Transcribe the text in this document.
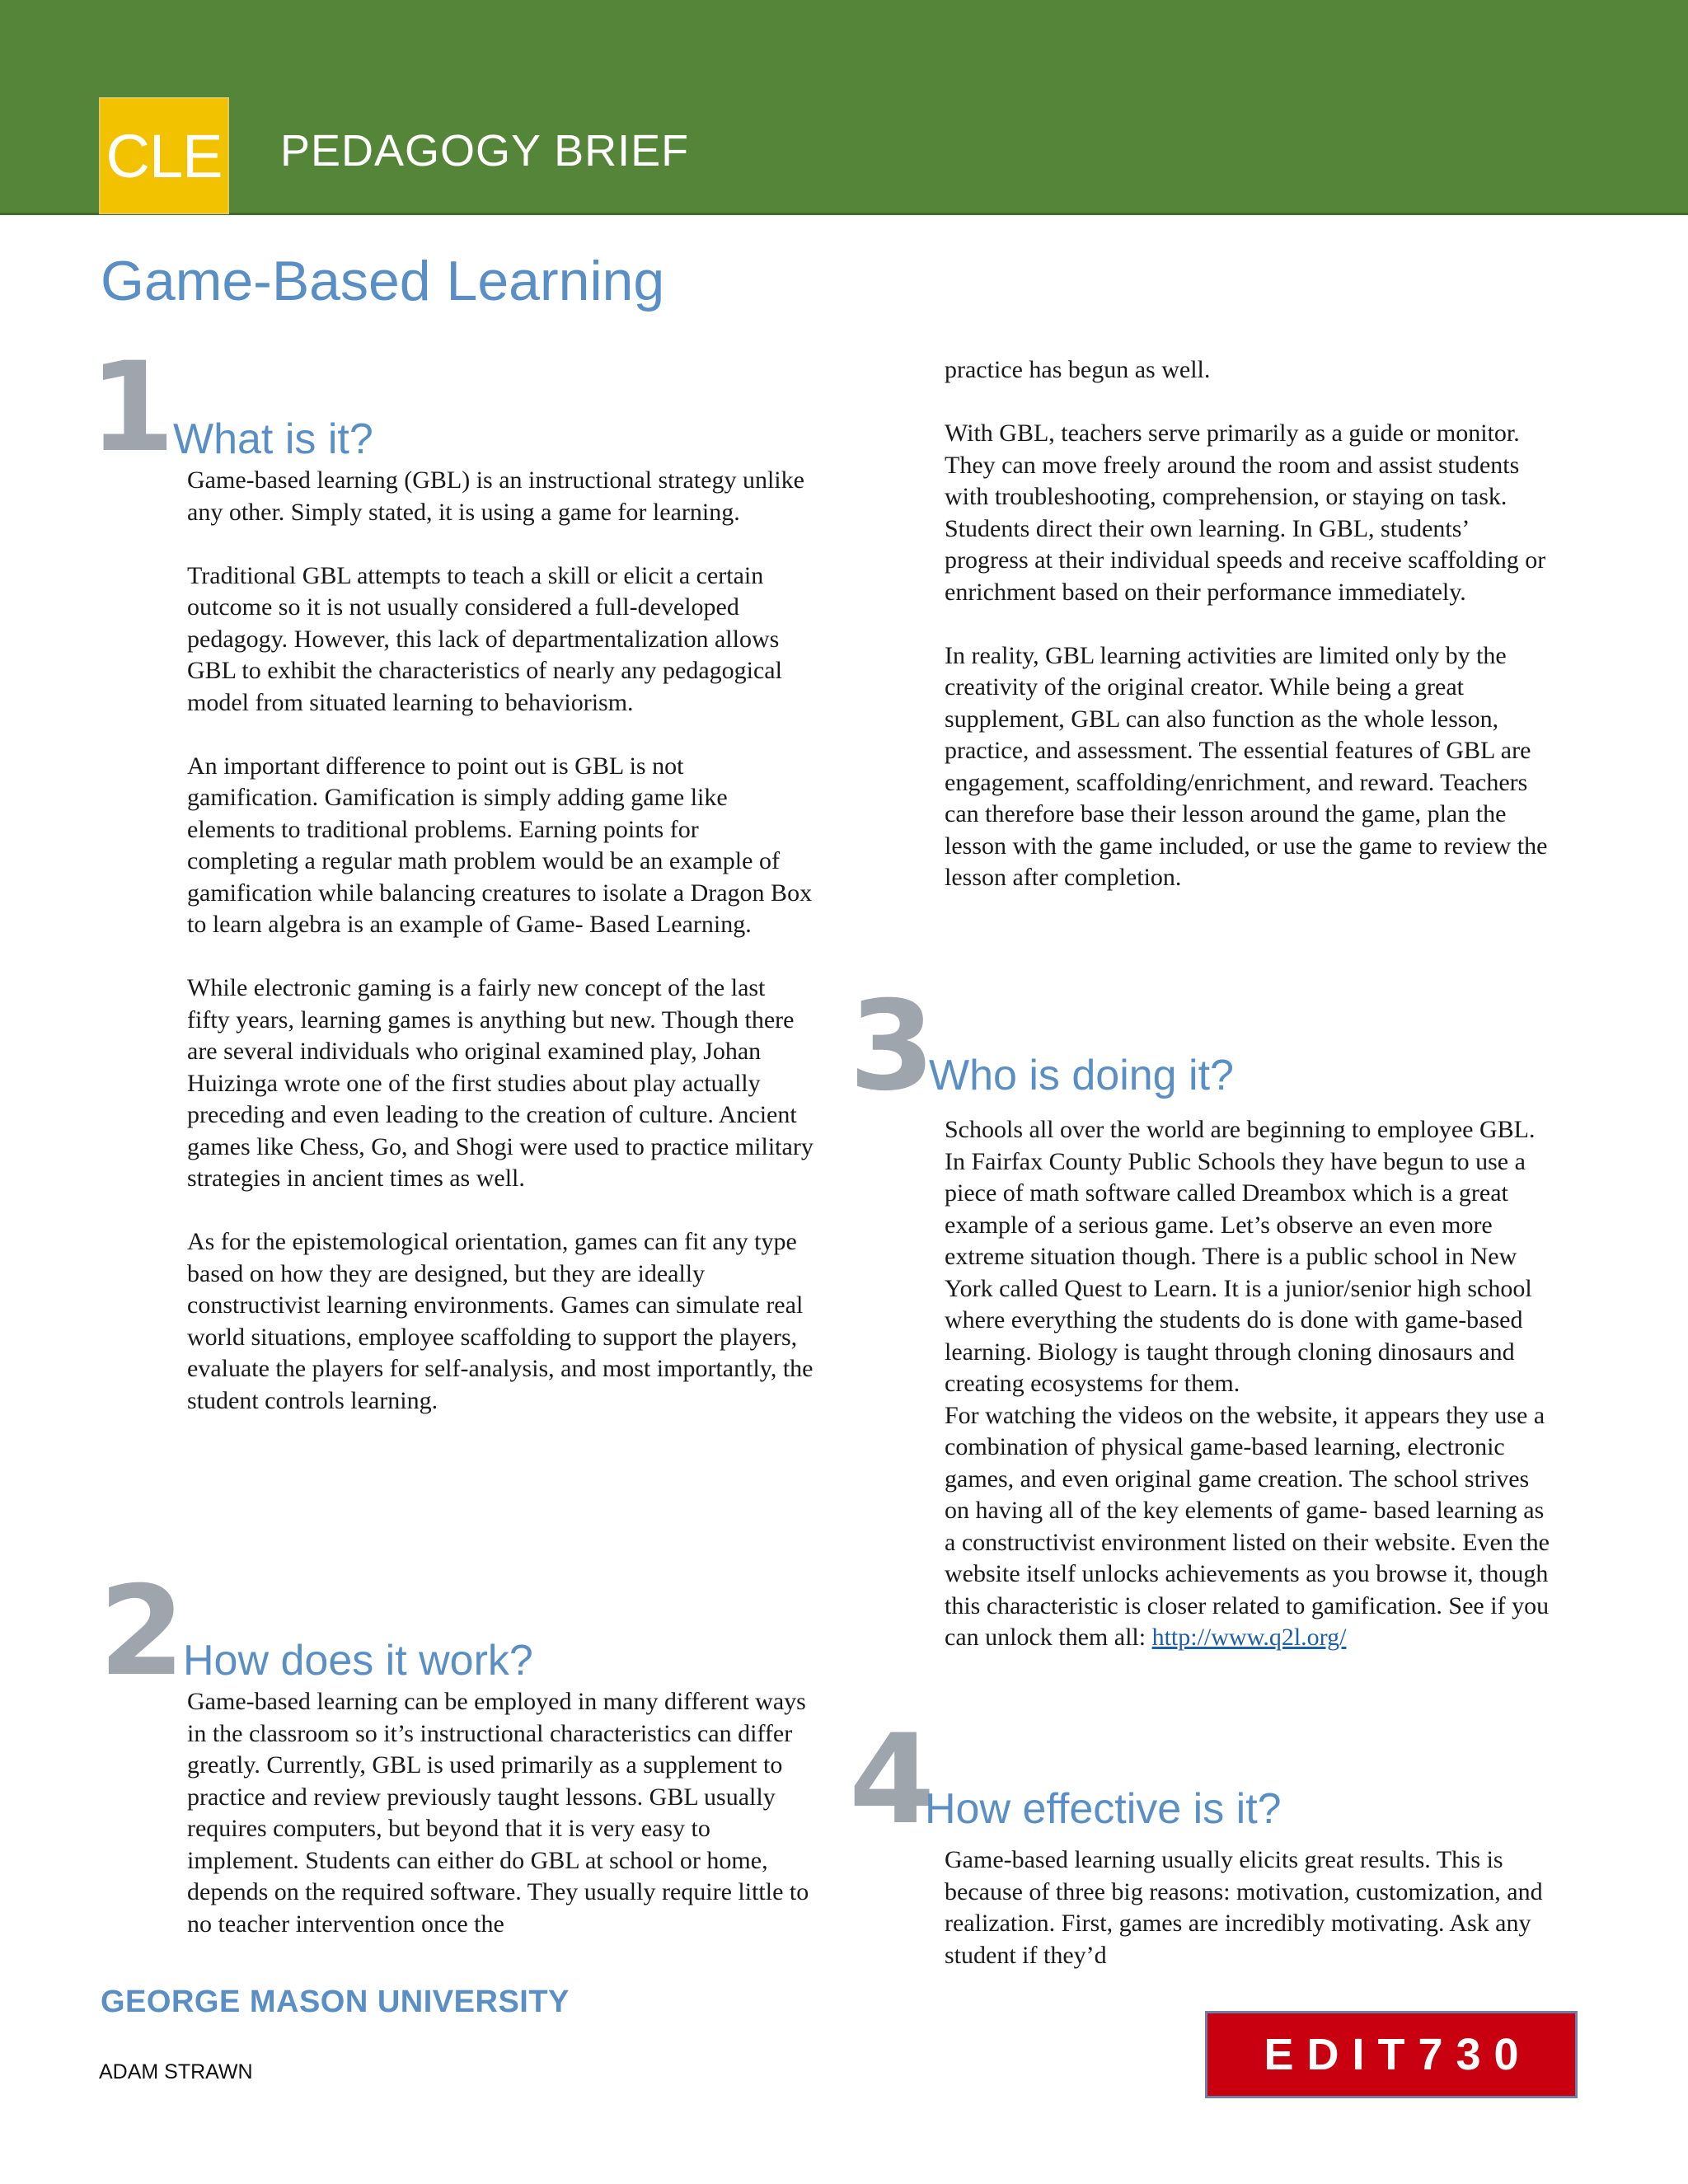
CLE PEDAGOGY BRIEF
Game-Based Learning
1
What is it?

Game-based learning (GBL) is an instructional strategy unlike any other. Simply stated, it is using a game for learning.

Traditional GBL attempts to teach a skill or elicit a certain outcome so it is not usually considered a full-developed pedagogy. However, this lack of departmentalization allows GBL to exhibit the characteristics of nearly any pedagogical model from situated learning to behaviorism.

An important difference to point out is GBL is not gamification. Gamification is simply adding game like elements to traditional problems. Earning points for completing a regular math problem would be an example of gamification while balancing creatures to isolate a Dragon Box to learn algebra is an example of Game- Based Learning.

While electronic gaming is a fairly new concept of the last fifty years, learning games is anything but new. Though there are several individuals who original examined play, Johan Huizinga wrote one of the first studies about play actually preceding and even leading to the creation of culture. Ancient games like Chess, Go, and Shogi were used to practice military strategies in ancient times as well.

As for the epistemological orientation, games can fit any type based on how they are designed, but they are ideally constructivist learning environments. Games can simulate real world situations, employee scaffolding to support the players, evaluate the players for self-analysis, and most importantly, the student controls learning.

2
How does it work?

Game-based learning can be employed in many different ways in the classroom so it’s instructional characteristics can differ greatly. Currently, GBL is used primarily as a supplement to practice and review previously taught lessons. GBL usually requires computers, but beyond that it is very easy to implement. Students can either do GBL at school or home, depends on the required software. They usually require little to no teacher intervention once the

practice has begun as well.

With GBL, teachers serve primarily as a guide or monitor. They can move freely around the room and assist students with troubleshooting, comprehension, or staying on task. Students direct their own learning. In GBL, students’ progress at their individual speeds and receive scaffolding or enrichment based on their performance immediately.

In reality, GBL learning activities are limited only by the creativity of the original creator. While being a great supplement, GBL can also function as the whole lesson, practice, and assessment. The essential features of GBL are engagement, scaffolding/enrichment, and reward. Teachers can therefore base their lesson around the game, plan the lesson with the game included, or use the game to review the lesson after completion.

3
Who is doing it?
Schools all over the world are beginning to employee GBL. In Fairfax County Public Schools they have begun to use a piece of math software called Dreambox which is a great example of a serious game. Let’s observe an even more extreme situation though. There is a public school in New York called Quest to Learn. It is a junior/senior high school where everything the students do is done with game-based learning. Biology is taught through cloning dinosaurs and creating ecosystems for them.
For watching the videos on the website, it appears they use a combination of physical game-based learning, electronic games, and even original game creation. The school strives on having all of the key elements of game- based learning as a constructivist environment listed on their website. Even the website itself unlocks achievements as you browse it, though this characteristic is closer related to gamification. See if you can unlock them all: http://www.q2l.org/
4
How effective is it?

Game-based learning usually elicits great results. This is because of three big reasons: motivation, customization, and realization. First, games are incredibly motivating. Ask any student if they’d

GEORGE MASON UNIVERSITY
ADAM STRAWN	EDIT730
